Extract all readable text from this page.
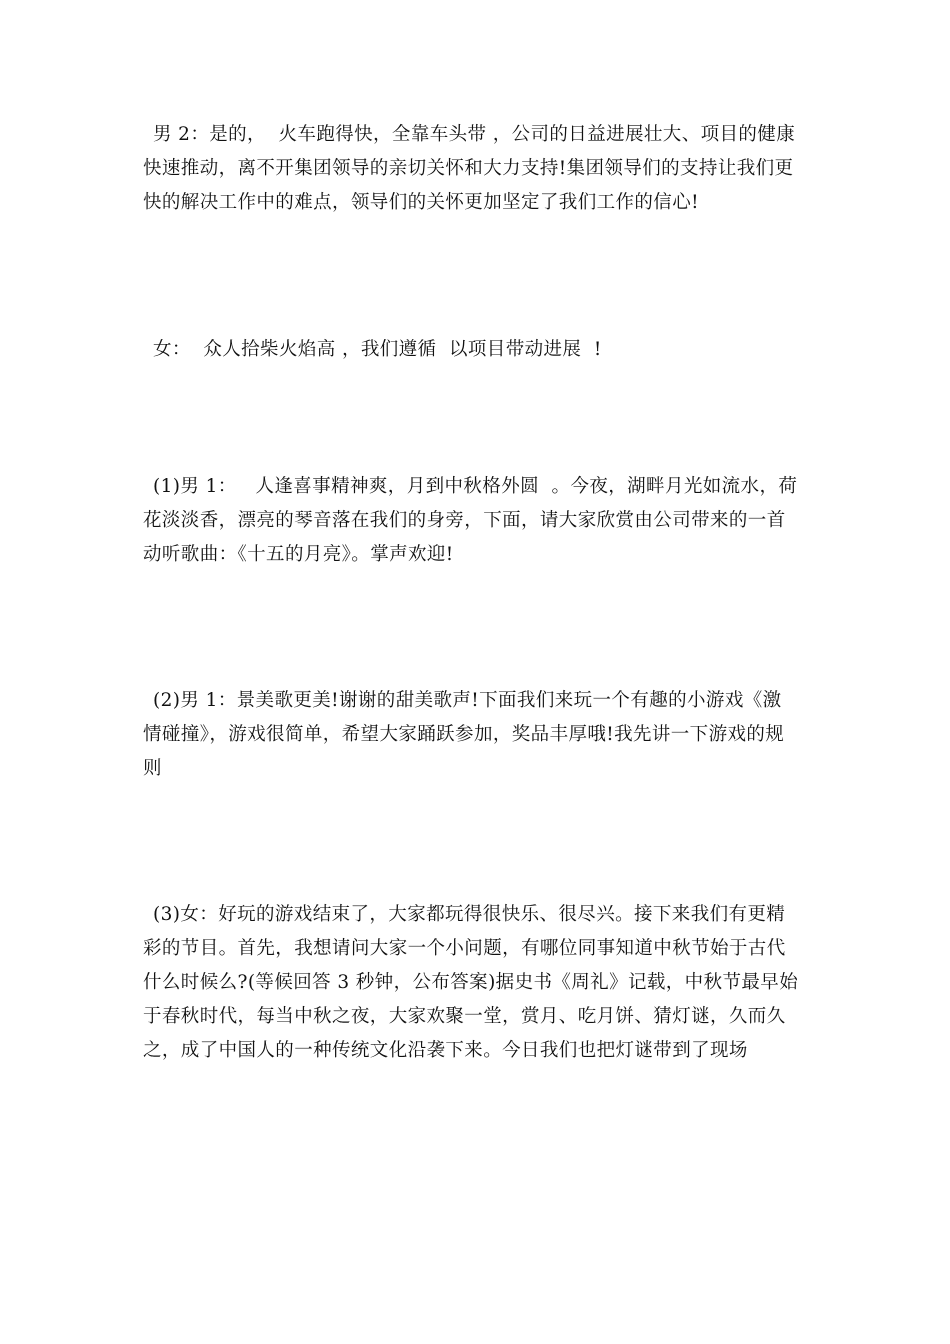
男 2：是的，  火车跑得快，全靠车头带 ，公司的日益进展壮大、项目的健康
快速推动，离不开集团领导的亲切关怀和大力支持!集团领导们的支持让我们更
快的解决工作中的难点，领导们的关怀更加坚定了我们工作的信心!
女：  众人拾柴火焰高 ，我们遵循  以项目带动进展  !
(1)男 1：   人逢喜事精神爽，月到中秋格外圆  。今夜，湖畔月光如流水，荷
花淡淡香，漂亮的琴音落在我们的身旁，下面，请大家欣赏由公司带来的一首
动听歌曲：《十五的月亮》。掌声欢迎!
(2)男 1：景美歌更美!谢谢的甜美歌声!下面我们来玩一个有趣的小游戏《激
情碰撞》，游戏很简单，希望大家踊跃参加，奖品丰厚哦!我先讲一下游戏的规
则
(3)女：好玩的游戏结束了，大家都玩得很快乐、很尽兴。接下来我们有更精
彩的节目。首先，我想请问大家一个小问题，有哪位同事知道中秋节始于古代
什么时候么?(等候回答 3 秒钟，公布答案)据史书《周礼》记载，中秋节最早始
于春秋时代，每当中秋之夜，大家欢聚一堂，赏月、吃月饼、猜灯谜，久而久
之，成了中国人的一种传统文化沿袭下来。今日我们也把灯谜带到了现场
